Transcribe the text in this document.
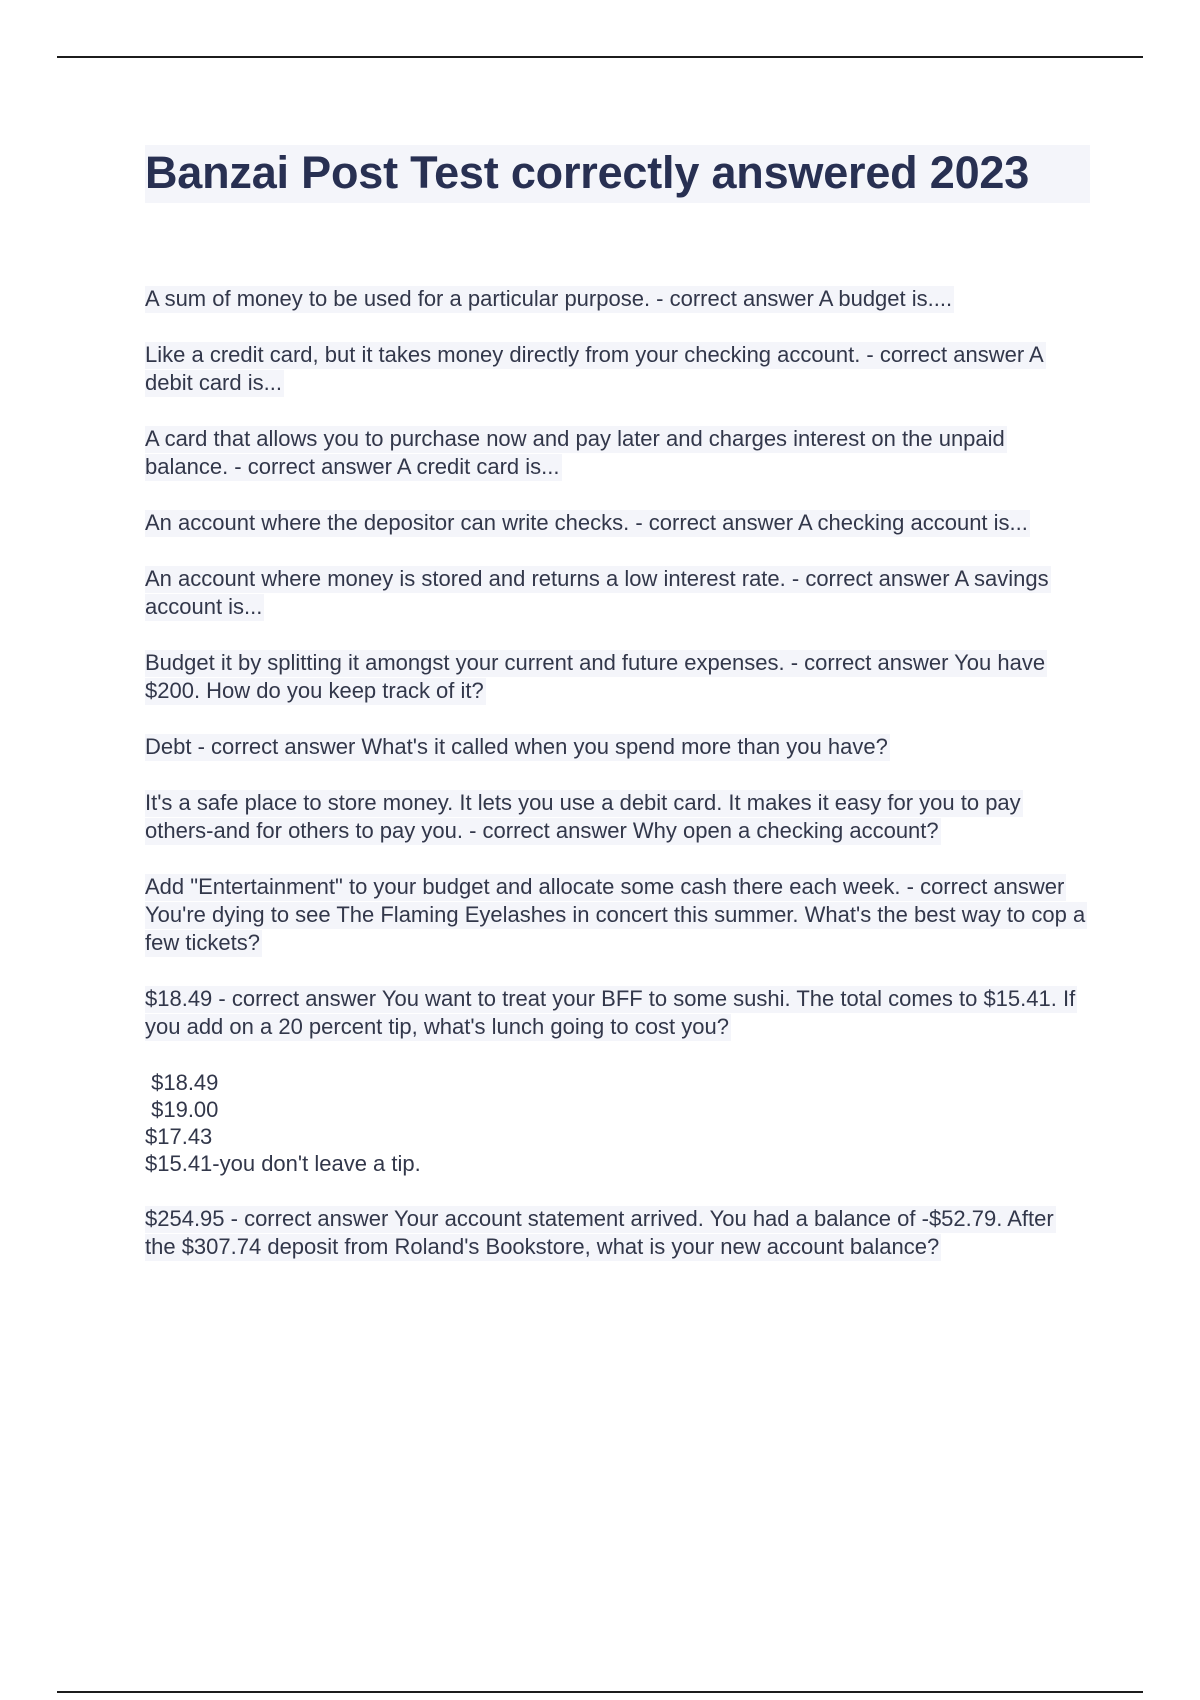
Banzai Post Test correctly answered 2023

A sum of money to be used for a particular purpose. - correct answer A budget is....

Like a credit card, but it takes money directly from your checking account. - correct answer A debit card is...

A card that allows you to purchase now and pay later and charges interest on the unpaid balance. - correct answer A credit card is...

An account where the depositor can write checks. - correct answer A checking account is...

An account where money is stored and returns a low interest rate. - correct answer A savings account is...

Budget it by splitting it amongst your current and future expenses. - correct answer You have $200. How do you keep track of it?

Debt - correct answer What's it called when you spend more than you have?

It's a safe place to store money. It lets you use a debit card. It makes it easy for you to pay others-and for others to pay you. - correct answer Why open a checking account?

Add "Entertainment" to your budget and allocate some cash there each week. - correct answer You're dying to see The Flaming Eyelashes in concert this summer. What's the best way to cop a few tickets?

$18.49 - correct answer You want to treat your BFF to some sushi. The total comes to $15.41. If you add on a 20 percent tip, what's lunch going to cost you?

$18.49
$19.00
$17.43
$15.41-you don't leave a tip.

$254.95 - correct answer Your account statement arrived. You had a balance of -$52.79. After the $307.74 deposit from Roland's Bookstore, what is your new account balance?
